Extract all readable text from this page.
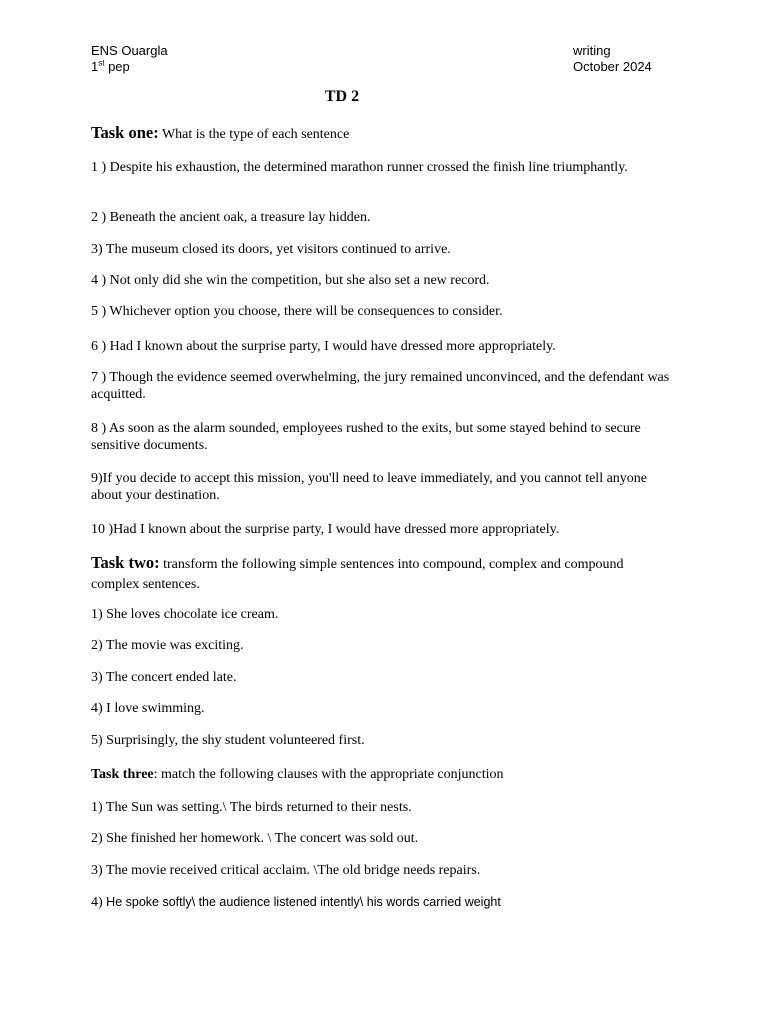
ENS Ouargla
1st pep
writing
October 2024
TD 2
Task one: What is the type of each sentence
1 ) Despite his exhaustion, the determined marathon runner crossed the finish line triumphantly.
2 ) Beneath the ancient oak, a treasure lay hidden.
3) The museum closed its doors, yet visitors continued to arrive.
4 ) Not only did she win the competition, but she also set a new record.
5 ) Whichever option you choose, there will be consequences to consider.
6 ) Had I known about the surprise party, I would have dressed more appropriately.
7 ) Though the evidence seemed overwhelming, the jury remained unconvinced, and the defendant was acquitted.
8 ) As soon as the alarm sounded, employees rushed to the exits, but some stayed behind to secure sensitive documents.
9)If you decide to accept this mission, you'll need to leave immediately, and you cannot tell anyone about your destination.
10 )Had I known about the surprise party, I would have dressed more appropriately.
Task two: transform the following simple sentences into compound, complex and compound complex sentences.
1) She loves chocolate ice cream.
2) The movie was exciting.
3) The concert ended late.
4) I love swimming.
5) Surprisingly, the shy student volunteered first.
Task three: match the following clauses with the appropriate conjunction
1) The Sun was setting.\ The birds returned to their nests.
2) She finished her homework. \ The concert was sold out.
3) The movie received critical acclaim. \The old bridge needs repairs.
4) He spoke softly\ the audience listened intently\ his words carried weight
